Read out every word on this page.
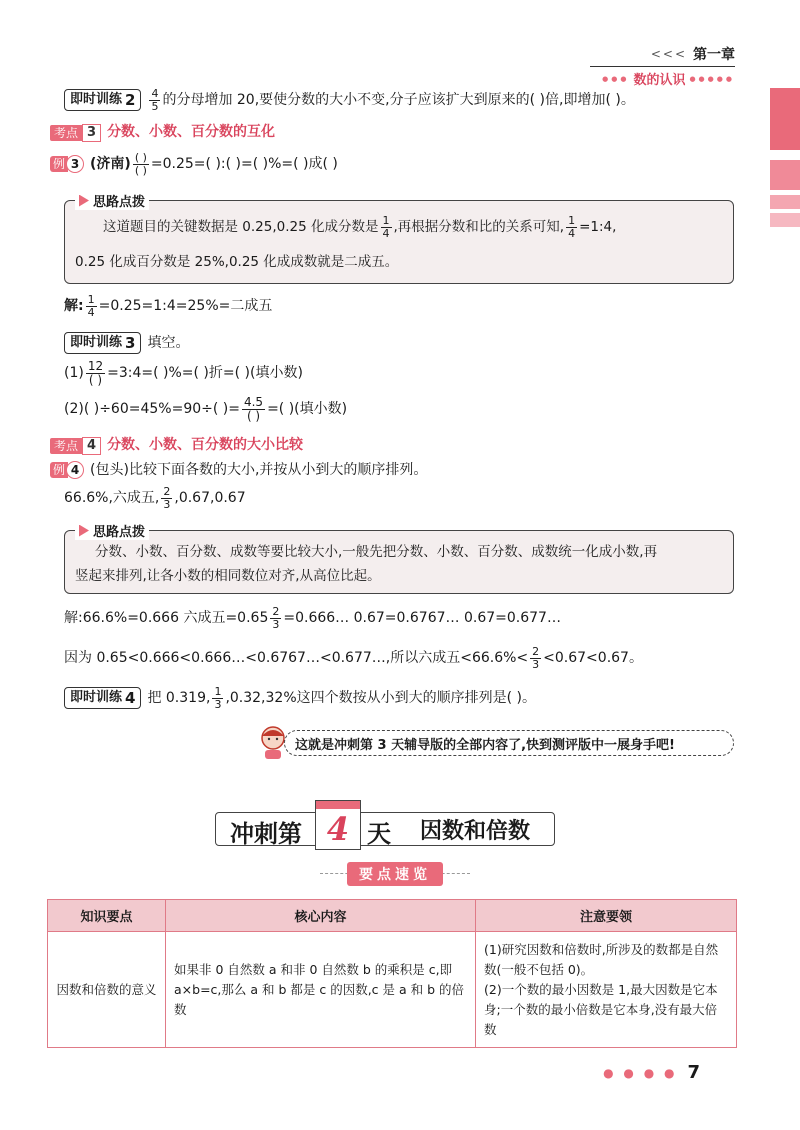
<<< 第一章
●●● 数的认识 ●●●●●
即时训练 $2 \frac{4}{5}$ 的分母增加 20,要使分数的大小不变,分子应该扩大到原来的( )倍,即增加( )。
考点 3 分数、小数、百分数的互化
例 3 (济南) $\frac{( )}{( )} =0.25=$( ):( )=( )%=( )成( )
思路点拨
这道题目的关键数据是 0.25,0.25 化成分数是 $\frac{1}{4}$ ,再根据分数和比的关系可知, $\frac{1}{4}$ =1:4,
0.25 化成百分数是 25%,0.25 化成成数就是二成五。
解: $\frac{1}{4}$ =0.25=1:4=25%=二成五
即时训练 3 填空。
$(1) \frac{12}{( )}$ =3:4=( )%=( )折=( )(填小数)
(2)( )÷60=45%=90÷( )= $\frac{4.5}{( )}$ =( )(填小数)
考点 4 分数、小数、百分数的大小比较
例 4 (包头)比较下面各数的大小,并按从小到大的顺序排列。
66.6%,六成五, $\frac{2}{3} ,0.67,0.67$
思路点拨
分数、小数、百分数、成数等要比较大小,一般先把分数、小数、百分数、成数统一化成小数,再
竖起来排列,让各小数的相同数位对齐,从高位比起。
解:66.6%=0.666 六成五$=0.65 \frac{2}{3}$ =0.666… 0.67=0.6767… 0.67=0.677…
因为 0.65<0.666<0.666…<0.6767…<0.677…,所以六成五$<66.6\%< \frac{2}{3} <0.67<0.67$。
即时训练 4 把 0.319, $\frac{1}{3} ,0.32,32\%$这四个数按从小到大的顺序排列是( )。
这就是冲刺第 3 天辅导版的全部内容了,快到测评版中一展身手吧!
冲刺第 4 天 因数和倍数
要点速览
知识要点	核心内容	注意要领
因数和倍数的意义	如果非 0 自然数 a 和非 0 自然数 b 的乘积是 c,即 a×b=c,那么 a 和 b 都是 c 的因数,c 是 a 和 b 的倍数	(1)研究因数和倍数时,所涉及的数都是自然数(一般不包括 0)。
(2)一个数的最小因数是 1,最大因数是它本身;一个数的最小倍数是它本身,没有最大倍数
● ● ● ● 7
